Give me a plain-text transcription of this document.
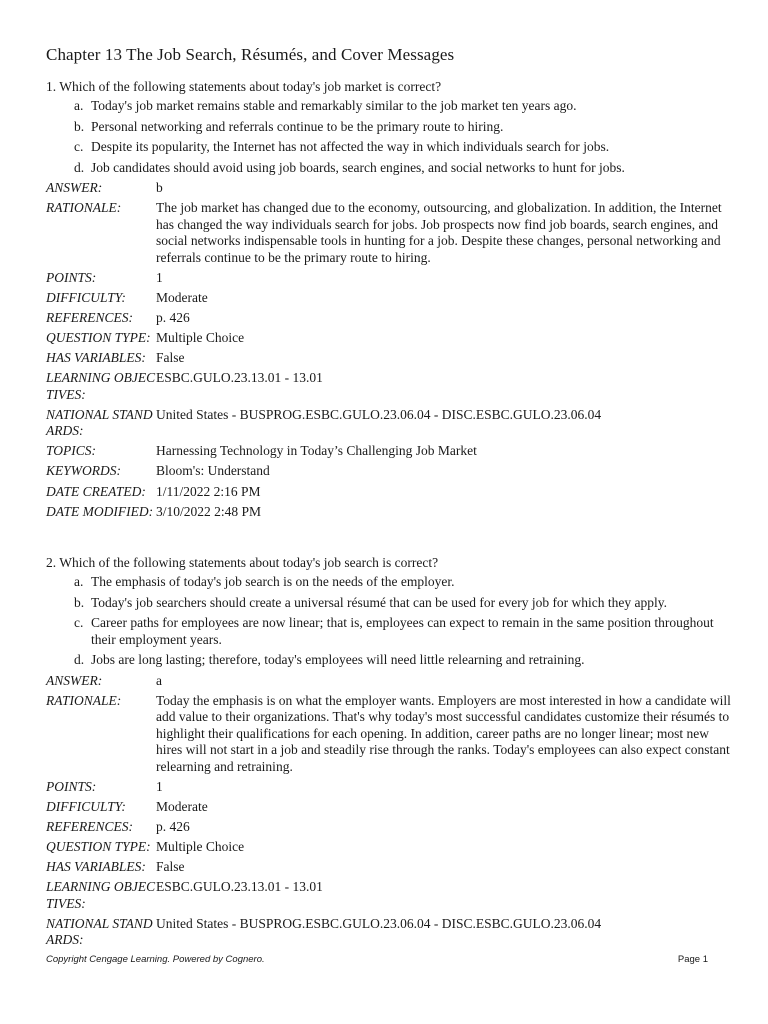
Chapter 13 The Job Search, Résumés, and Cover Messages
1. Which of the following statements about today's job market is correct?
a. Today's job market remains stable and remarkably similar to the job market ten years ago.
b. Personal networking and referrals continue to be the primary route to hiring.
c. Despite its popularity, the Internet has not affected the way in which individuals search for jobs.
d. Job candidates should avoid using job boards, search engines, and social networks to hunt for jobs.
ANSWER:	b
RATIONALE:	The job market has changed due to the economy, outsourcing, and globalization. In addition, the Internet has changed the way individuals search for jobs. Job prospects now find job boards, search engines, and social networks indispensable tools in hunting for a job. Despite these changes, personal networking and referrals continue to be the primary route to hiring.
POINTS:	1
DIFFICULTY:	Moderate
REFERENCES:	p. 426
QUESTION TYPE: Multiple Choice
HAS VARIABLES: False
LEARNING OBJECTIVES:
ESBC.GULO.23.13.01 - 13.01
NATIONAL STANDARDS:
United States - BUSPROG.ESBC.GULO.23.06.04 - DISC.ESBC.GULO.23.06.04
TOPICS:	Harnessing Technology in Today’s Challenging Job Market
KEYWORDS:	Bloom's: Understand
DATE CREATED: 1/11/2022 2:16 PM
DATE MODIFIED: 3/10/2022 2:48 PM
2. Which of the following statements about today's job search is correct?
a. The emphasis of today's job search is on the needs of the employer.
b. Today's job searchers should create a universal résumé that can be used for every job for which they apply.
c. Career paths for employees are now linear; that is, employees can expect to remain in the same position throughout their employment years.
d. Jobs are long lasting; therefore, today's employees will need little relearning and retraining.
ANSWER:	a
RATIONALE:	Today the emphasis is on what the employer wants. Employers are most interested in how a candidate will add value to their organizations. That's why today's most successful candidates customize their résumés to highlight their qualifications for each opening. In addition, career paths are no longer linear; most new hires will not start in a job and steadily rise through the ranks. Today's employees can also expect constant relearning and retraining.
POINTS:	1
DIFFICULTY:	Moderate
REFERENCES:	p. 426
QUESTION TYPE: Multiple Choice
HAS VARIABLES: False
LEARNING OBJECTIVES:
ESBC.GULO.23.13.01 - 13.01
NATIONAL STANDARDS:
United States - BUSPROG.ESBC.GULO.23.06.04 - DISC.ESBC.GULO.23.06.04
Copyright Cengage Learning. Powered by Cognero.	Page 1
